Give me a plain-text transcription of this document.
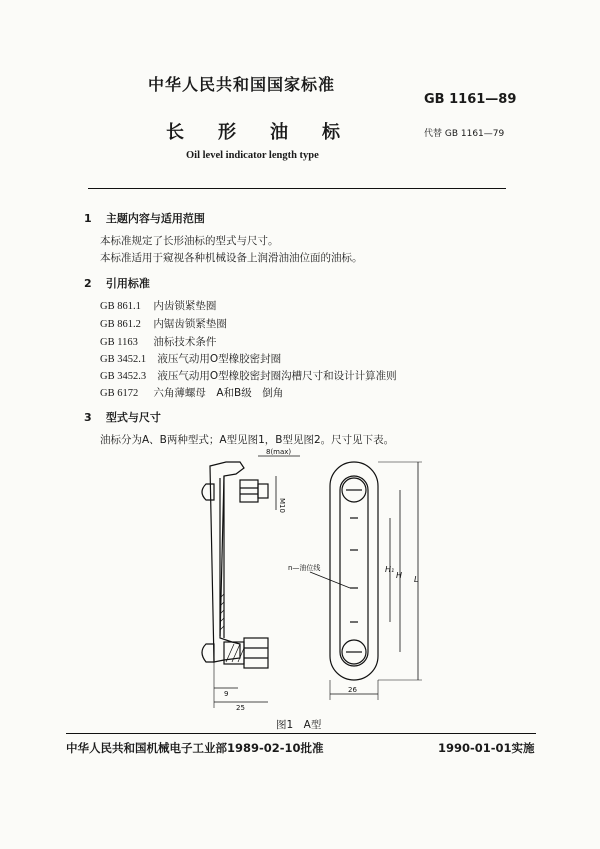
中华人民共和国国家标准
GB 1161—89
长形油标	代替 GB 1161—79
Oil level indicator length type
1 主题内容与适用范围
本标准规定了长形油标的型式与尺寸。
本标准适用于窥视各种机械设备上润滑油油位面的油标。
2 引用标准
GB 861.1 内齿锁紧垫圈
GB 861.2 内锯齿锁紧垫圈
GB 1163 油标技术条件
GB 3452.1 液压气动用O型橡胶密封圈
GB 3452.3 液压气动用O型橡胶密封圈沟槽尺寸和设计计算准则
GB 6172 六角薄螺母　A和B级　倒角
3 型式与尺寸
油标分为A、B两种型式；A型见图1，B型见图2。尺寸见下表。
8(max)
M10
n—油位线	H₁
H L
9
25
26
图1　A型
中华人民共和国机械电子工业部1989-02-10批准	1990-01-01实施
